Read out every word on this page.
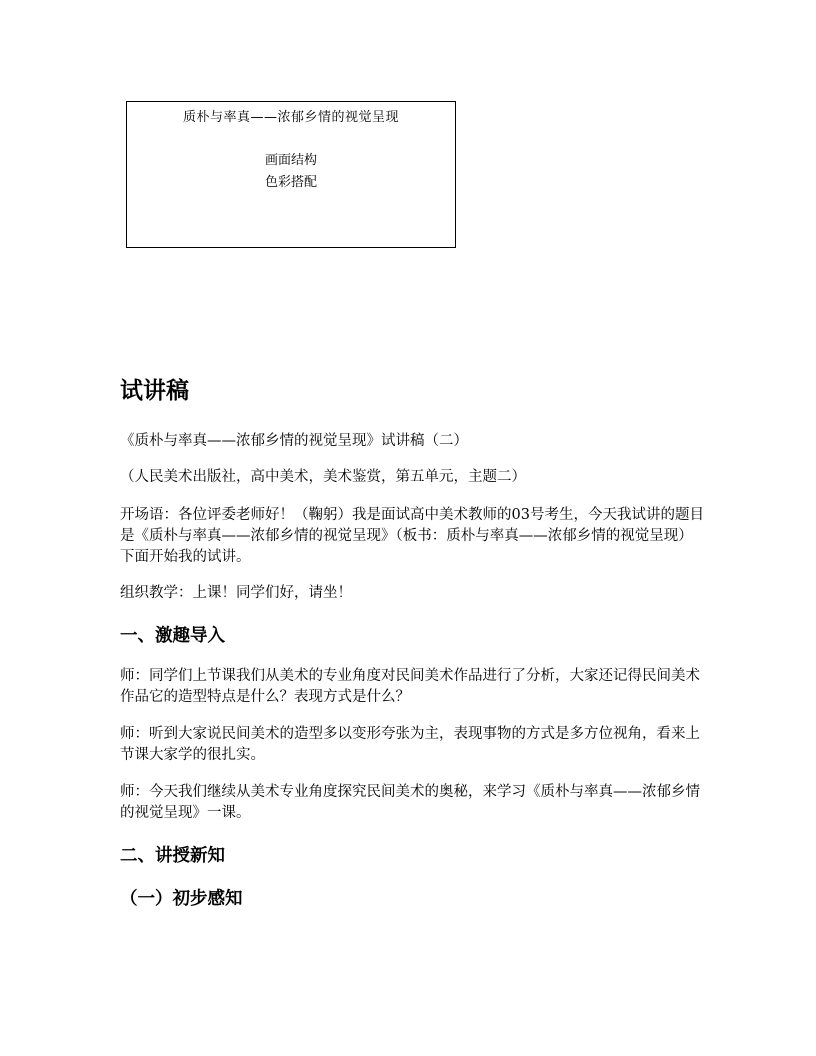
质朴与率真——浓郁乡情的视觉呈现
画面结构
色彩搭配
试讲稿

《质朴与率真——浓郁乡情的视觉呈现》试讲稿（二）

（人民美术出版社，高中美术，美术鉴赏，第五单元，主题二）

开场语：各位评委老师好！（鞠躬）我是面试高中美术教师的03号考生，今天我试讲的题目是《质朴与率真——浓郁乡情的视觉呈现》（板书：质朴与率真——浓郁乡情的视觉呈现）下面开始我的试讲。

组织教学：上课！同学们好，请坐！

一、激趣导入

师：同学们上节课我们从美术的专业角度对民间美术作品进行了分析，大家还记得民间美术作品它的造型特点是什么？表现方式是什么？

师：听到大家说民间美术的造型多以变形夸张为主，表现事物的方式是多方位视角，看来上节课大家学的很扎实。

师：今天我们继续从美术专业角度探究民间美术的奥秘，来学习《质朴与率真——浓郁乡情的视觉呈现》一课。

二、讲授新知
（一）初步感知
